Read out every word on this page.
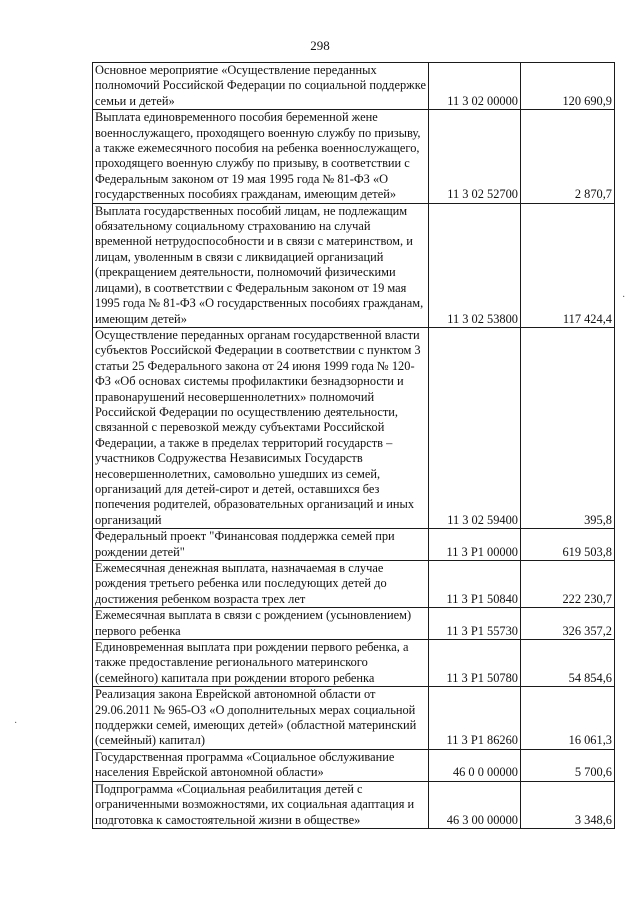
298
Основное мероприятие «Осуществление переданных полномочий Российской Федерации по социальной поддержке семьи и детей»	11 3 02 00000	120 690,9
Выплата единовременного пособия беременной жене военнослужащего, проходящего военную службу по призыву, а также ежемесячного пособия на ребенка военнослужащего, проходящего военную службу по призыву, в соответствии с Федеральным законом от 19 мая 1995 года № 81-ФЗ «О государственных пособиях гражданам, имеющим детей»	11 3 02 52700	2 870,7
Выплата государственных пособий лицам, не подлежащим обязательному социальному страхованию на случай временной нетрудоспособности и в связи с материнством, и лицам, уволенным в связи с ликвидацией организаций (прекращением деятельности, полномочий физическими лицами), в соответствии с Федеральным законом от 19 мая 1995 года № 81-ФЗ «О государственных пособиях гражданам, имеющим детей»	11 3 02 53800	117 424,4
Осуществление переданных органам государственной власти субъектов Российской Федерации в соответствии с пунктом 3 статьи 25 Федерального закона от 24 июня 1999 года № 120-ФЗ «Об основах системы профилактики безнадзорности и правонарушений несовершеннолетних» полномочий Российской Федерации по осуществлению деятельности, связанной с перевозкой между субъектами Российской Федерации, а также в пределах территорий государств – участников Содружества Независимых Государств несовершеннолетних, самовольно ушедших из семей, организаций для детей-сирот и детей, оставшихся без попечения родителей, образовательных организаций и иных организаций	11 3 02 59400	395,8
Федеральный проект "Финансовая поддержка семей при рождении детей"	11 3 P1 00000	619 503,8
Ежемесячная денежная выплата, назначаемая в случае рождения третьего ребенка или последующих детей до достижения ребенком возраста трех лет	11 3 P1 50840	222 230,7
Ежемесячная выплата в связи с рождением (усыновлением) первого ребенка	11 3 P1 55730	326 357,2
Единовременная выплата при рождении первого ребенка, а также предоставление регионального материнского (семейного) капитала при рождении второго ребенка	11 3 P1 50780	54 854,6
Реализация закона Еврейской автономной области от 29.06.2011 № 965-ОЗ «О дополнительных мерах социальной поддержки семей, имеющих детей» (областной материнский (семейный) капитал)	11 3 P1 86260	16 061,3
Государственная программа «Социальное обслуживание населения Еврейской автономной области»	46 0 0 00000	5 700,6
Подпрограмма «Социальная реабилитация детей с ограниченными возможностями, их социальная адаптация и подготовка к самостоятельной жизни в обществе»	46 3 00 00000	3 348,6
·
·
